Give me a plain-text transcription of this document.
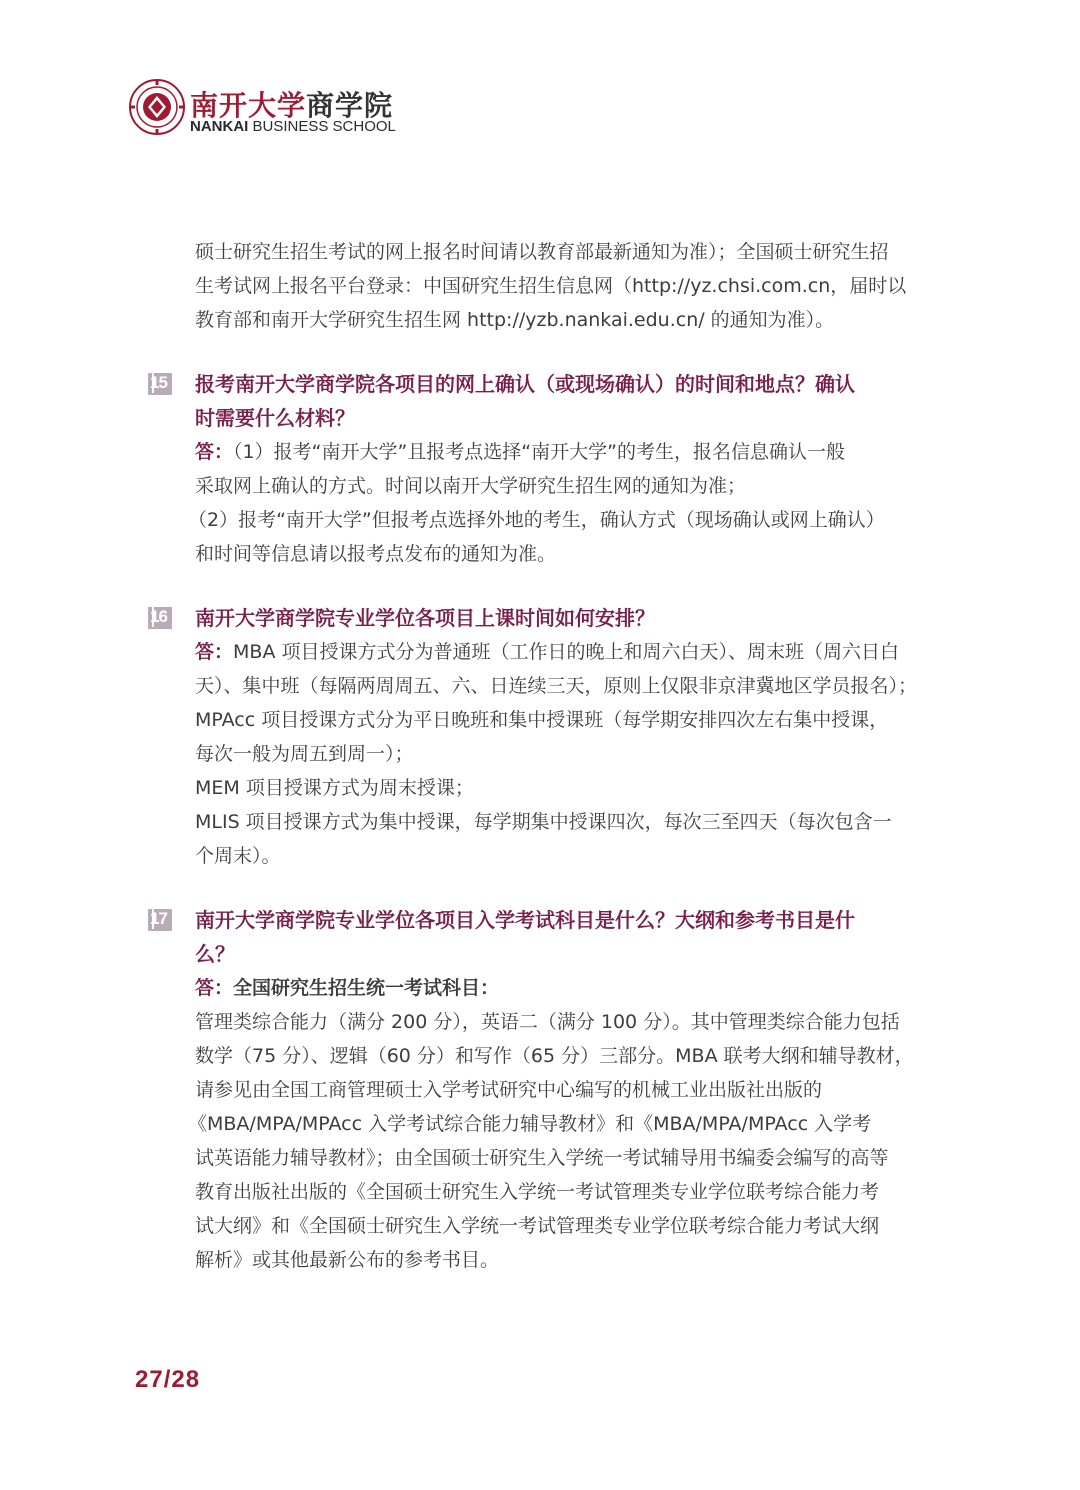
南开大学商学院
NANKAI BUSINESS SCHOOL

硕士研究生招生考试的网上报名时间请以教育部最新通知为准）；全国硕士研究生招

生考试网上报名平台登录：中国研究生招生信息网（http://yz.chsi.com.cn，届时以

教育部和南开大学研究生招生网 http://yzb.nankai.edu.cn/ 的通知为准）。

15 报考南开大学商学院各项目的网上确认（或现场确认）的时间和地点？确认

时需要什么材料？

答：（1）报考“南开大学”且报考点选择“南开大学”的考生，报名信息确认一般

采取网上确认的方式。时间以南开大学研究生招生网的通知为准；

（2）报考“南开大学”但报考点选择外地的考生，确认方式（现场确认或网上确认）

和时间等信息请以报考点发布的通知为准。

16 南开大学商学院专业学位各项目上课时间如何安排？

答：MBA 项目授课方式分为普通班（工作日的晚上和周六白天）、周末班（周六日白

天）、集中班（每隔两周周五、六、日连续三天，原则上仅限非京津冀地区学员报名）；

MPAcc 项目授课方式分为平日晚班和集中授课班（每学期安排四次左右集中授课，

每次一般为周五到周一）；

MEM 项目授课方式为周末授课；

MLIS 项目授课方式为集中授课，每学期集中授课四次，每次三至四天（每次包含一

个周末）。

17 南开大学商学院专业学位各项目入学考试科目是什么？大纲和参考书目是什

么？

答：全国研究生招生统一考试科目：

管理类综合能力（满分 200 分），英语二（满分 100 分）。其中管理类综合能力包括

数学（75 分）、逻辑（60 分）和写作（65 分）三部分。MBA 联考大纲和辅导教材，

请参见由全国工商管理硕士入学考试研究中心编写的机械工业出版社出版的

《MBA/MPA/MPAcc 入学考试综合能力辅导教材》和《MBA/MPA/MPAcc 入学考

试英语能力辅导教材》；由全国硕士研究生入学统一考试辅导用书编委会编写的高等

教育出版社出版的《全国硕士研究生入学统一考试管理类专业学位联考综合能力考

试大纲》和《全国硕士研究生入学统一考试管理类专业学位联考综合能力考试大纲

解析》或其他最新公布的参考书目。

27/28
